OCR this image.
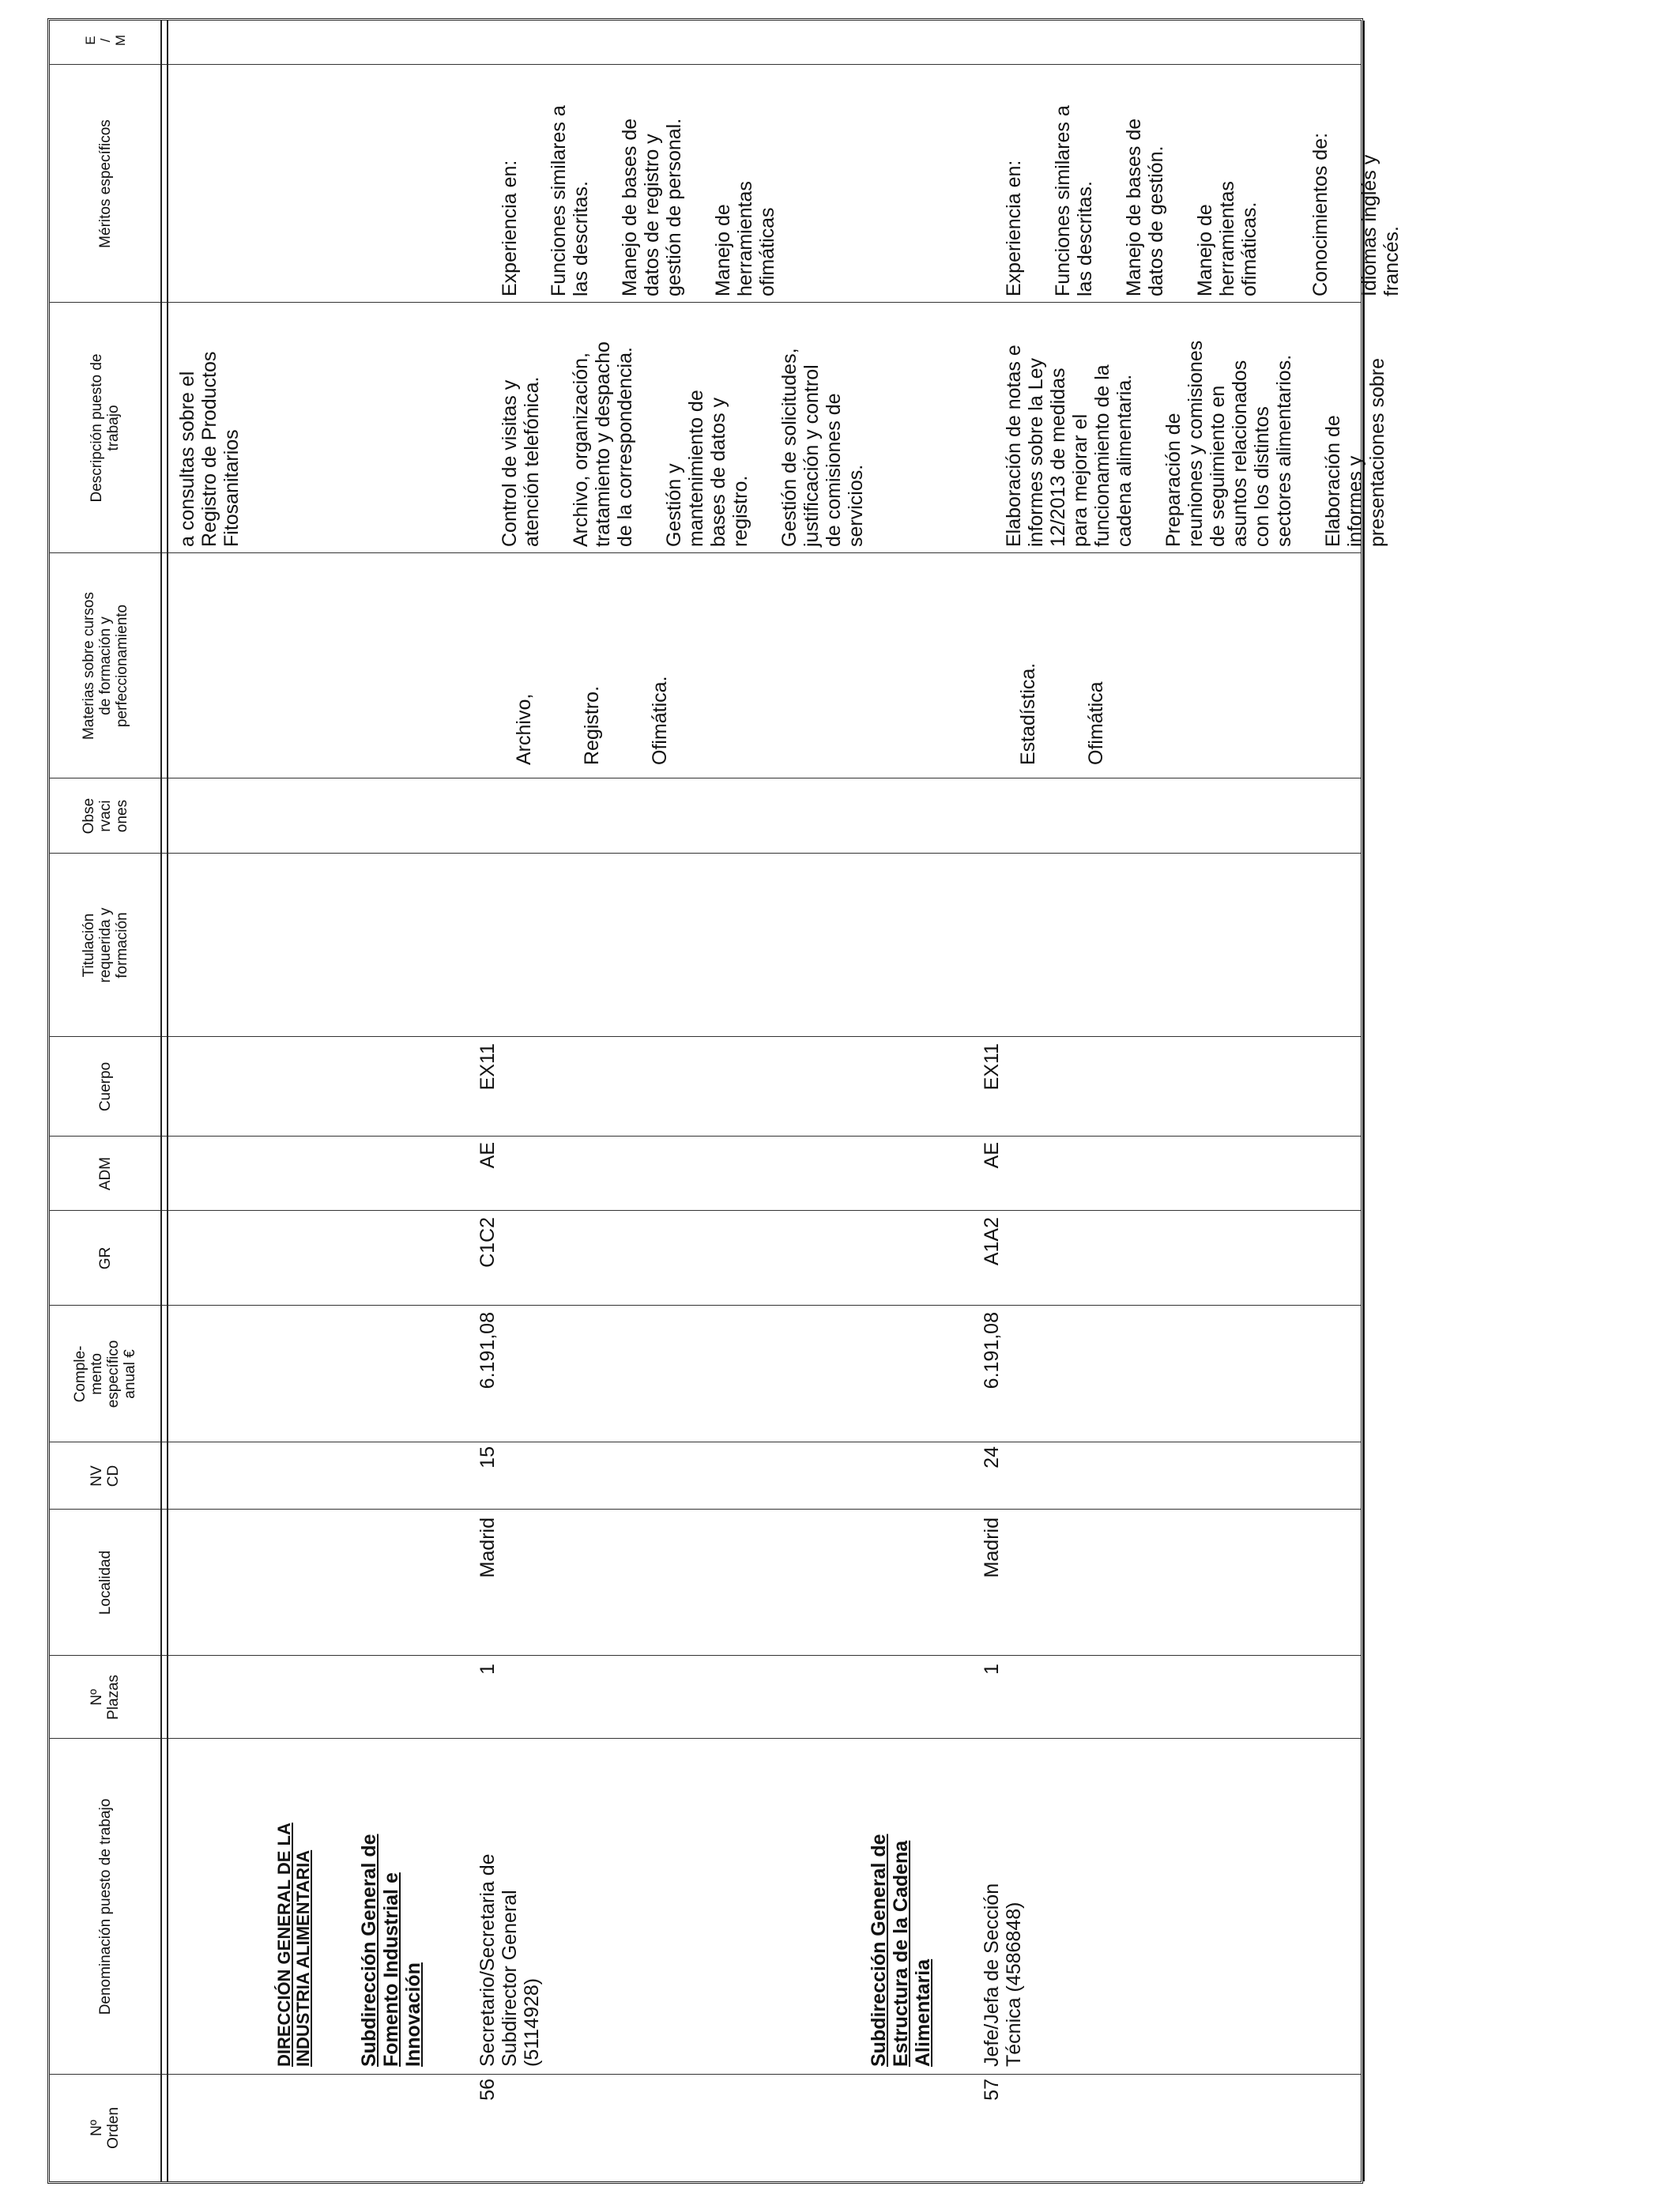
Nº
Orden
Denominación puesto de trabajo
Nº
Plazas
Localidad
NV
CD
Comple-
mento
específico
anual €
GR
ADM
Cuerpo
Titulación
requerida y
formación
Obse
rvaci
ones
Materias sobre cursos
de formación y
perfeccionamiento
Descripción puesto de
trabajo
Méritos específicos
E
/
M
a consultas sobre el
Registro de Productos
Fitosanitarios
DIRECCIÓN GENERAL DE LA
INDUSTRIA ALIMENTARIA
Subdirección General de
Fomento Industrial e
Innovación	Subdirección General de
Estructura de la Cadena
Alimentaria
56
Secretario/Secretaria de
Subdirector General
(5114928)
1
Madrid
15
6.191,08
C1C2
AE
EX11

Archivo, Registro. Ofimática.

Control de visitas y
atención telefónica.

Archivo, organización,
tratamiento y despacho
de la correspondencia.

Gestión y
mantenimiento de
bases de datos y
registro. Gestión de solicitudes,
justificación y control
de comisiones de
servicios.

Experiencia en: Funciones similares a
las descritas. Manejo de bases de
datos de registro y
gestión de personal.

Manejo de
herramientas
ofimáticas

57
Jefe/Jefa de Sección
Técnica (4586848)
1
Madrid
24
6.191,08
A1A2
AE
EX11

Estadística. Ofimática

Elaboración de notas e
informes sobre la Ley
12/2013 de medidas
para mejorar el
funcionamiento de la
cadena alimentaria.

Preparación de
reuniones y comisiones
de seguimiento en
asuntos relacionados
con los distintos
sectores alimentarios.

Elaboración de
informes y
presentaciones sobre

Experiencia en: Funciones similares a
las descritas. Manejo de bases de
datos de gestión.

Manejo de
herramientas
ofimáticas. Conocimientos de: Idiomas inglés y
francés.
